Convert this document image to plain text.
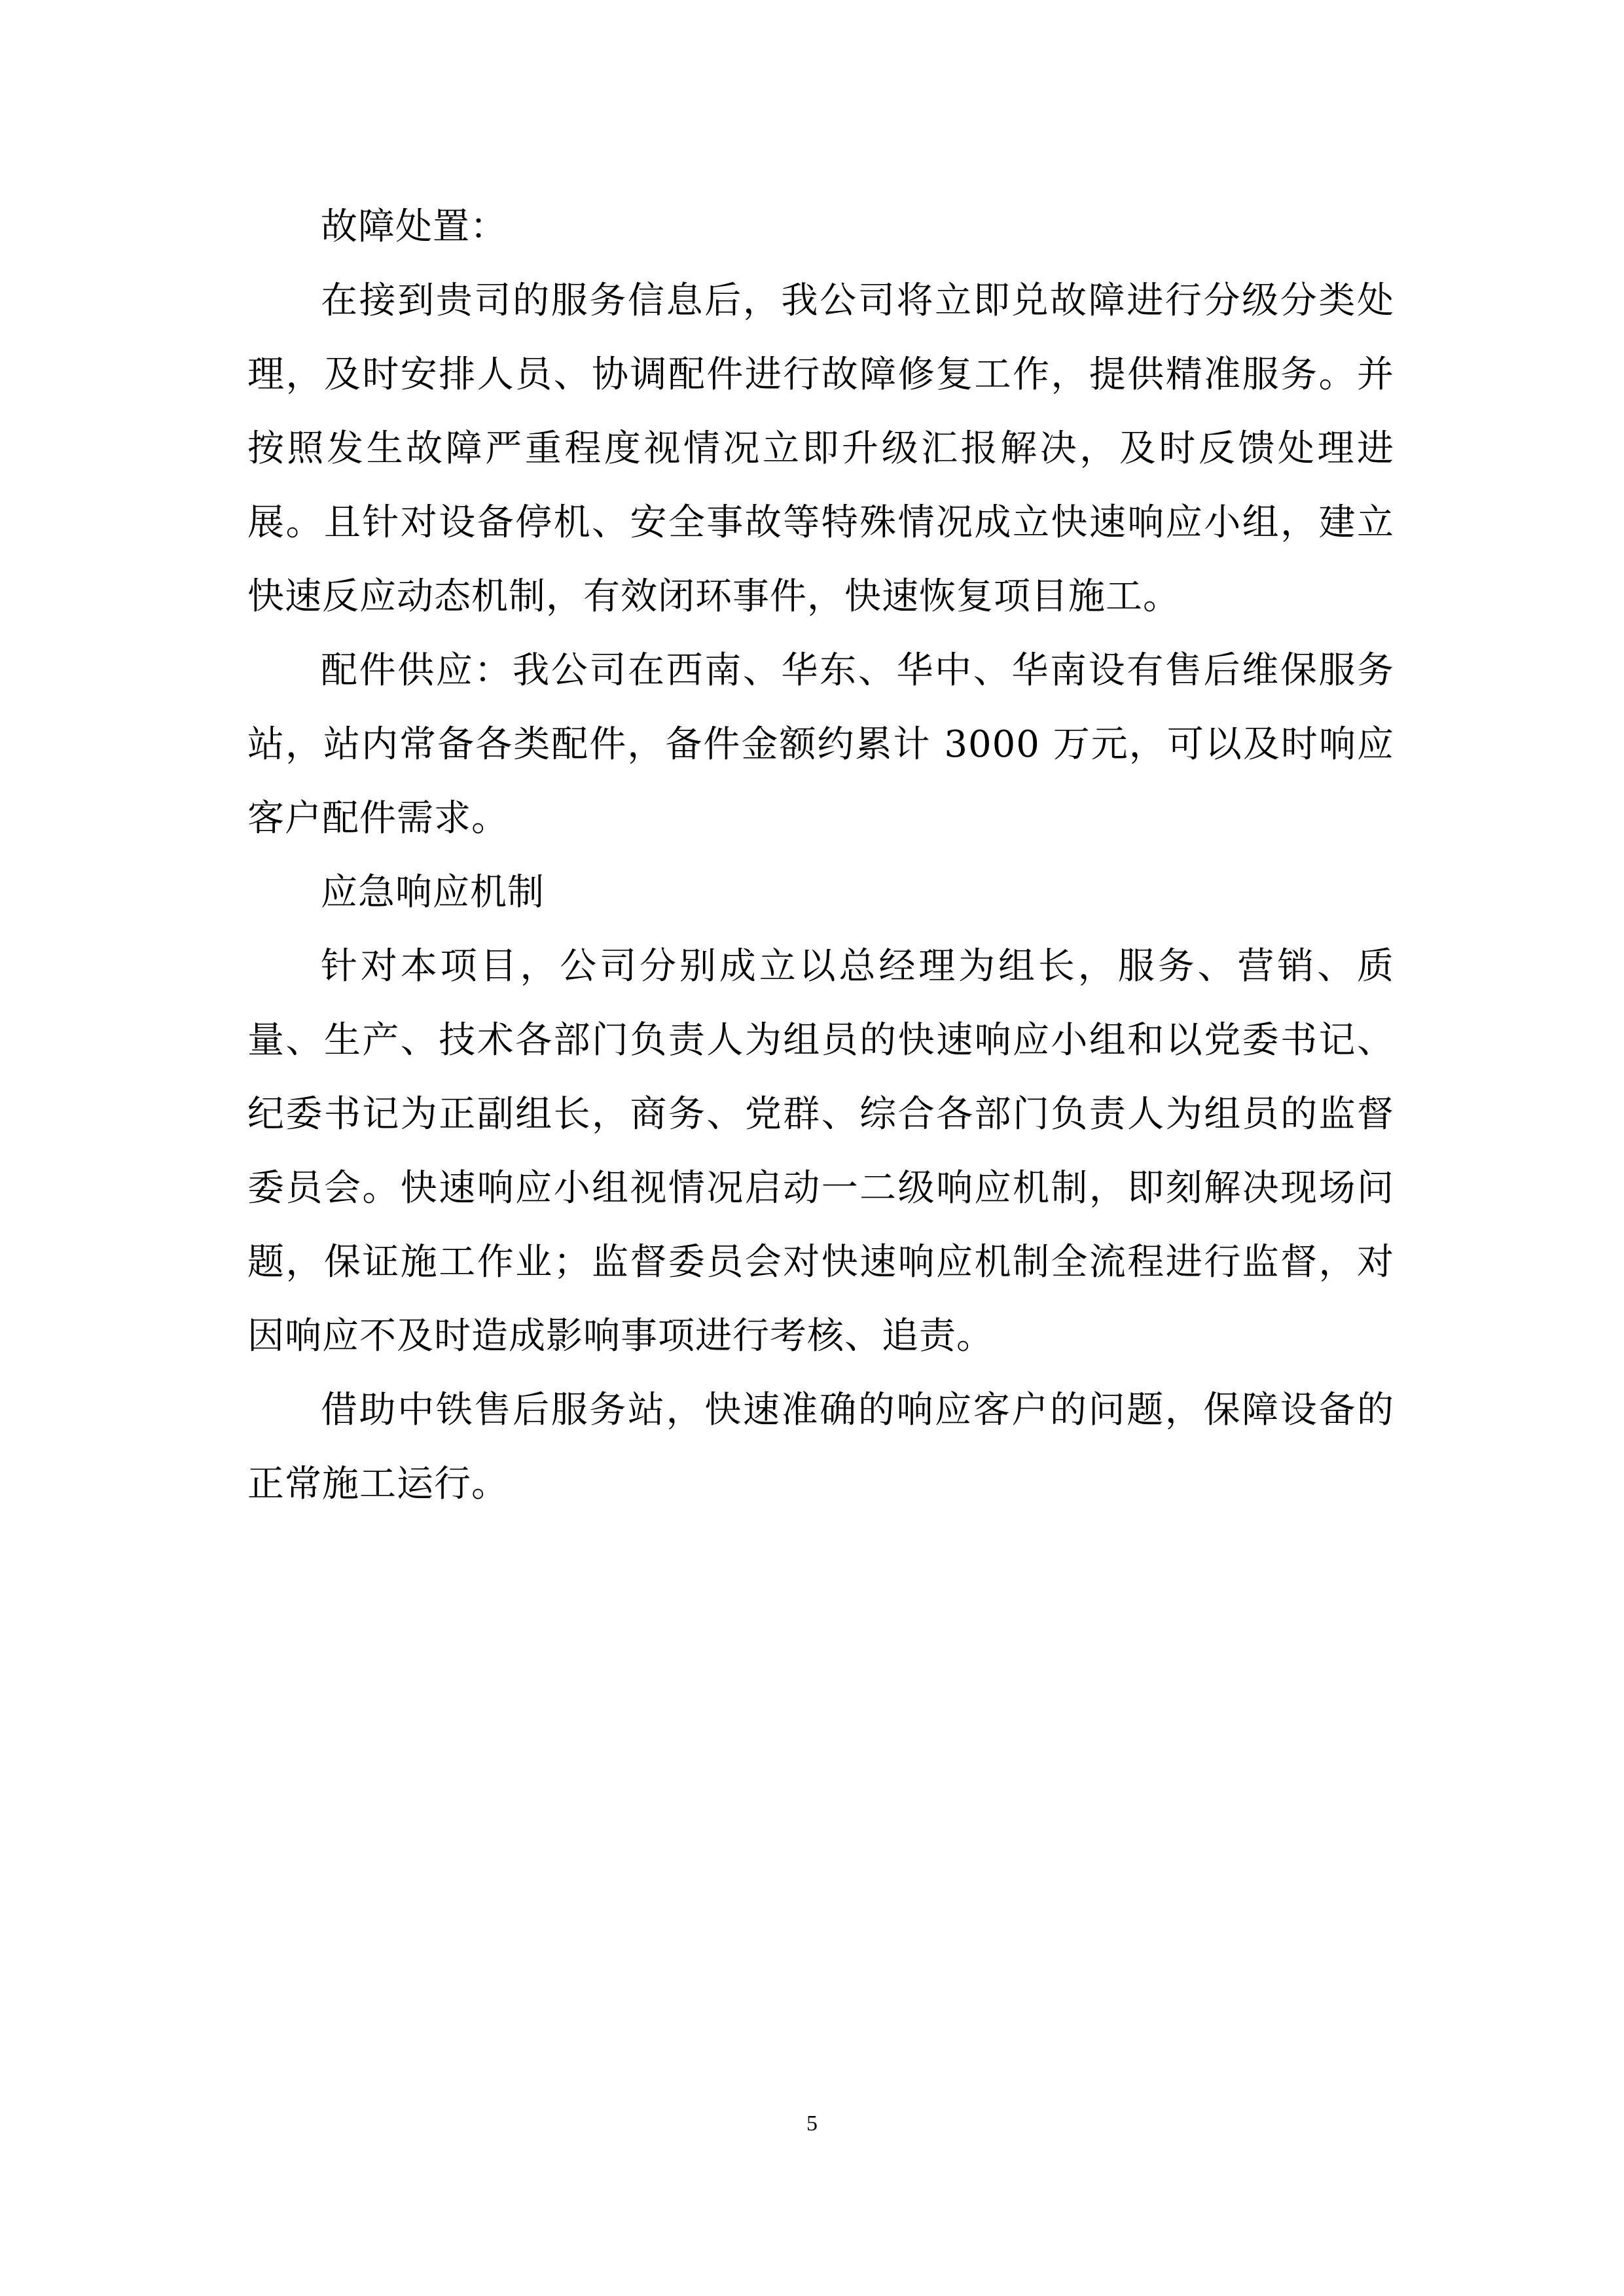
故障处置：

在接到贵司的服务信息后，我公司将立即兑故障进行分级分类处理，及时安排人员、协调配件进行故障修复工作，提供精准服务。并按照发生故障严重程度视情况立即升级汇报解决，及时反馈处理进展。且针对设备停机、安全事故等特殊情况成立快速响应小组，建立快速反应动态机制，有效闭环事件，快速恢复项目施工。

配件供应：我公司在西南、华东、华中、华南设有售后维保服务站，站内常备各类配件，备件金额约累计 3000 万元，可以及时响应客户配件需求。

应急响应机制

针对本项目，公司分别成立以总经理为组长，服务、营销、质量、生产、技术各部门负责人为组员的快速响应小组和以党委书记、纪委书记为正副组长，商务、党群、综合各部门负责人为组员的监督委员会。快速响应小组视情况启动一二级响应机制，即刻解决现场问题，保证施工作业；监督委员会对快速响应机制全流程进行监督，对因响应不及时造成影响事项进行考核、追责。

借助中铁售后服务站，快速准确的响应客户的问题，保障设备的正常施工运行。

5
